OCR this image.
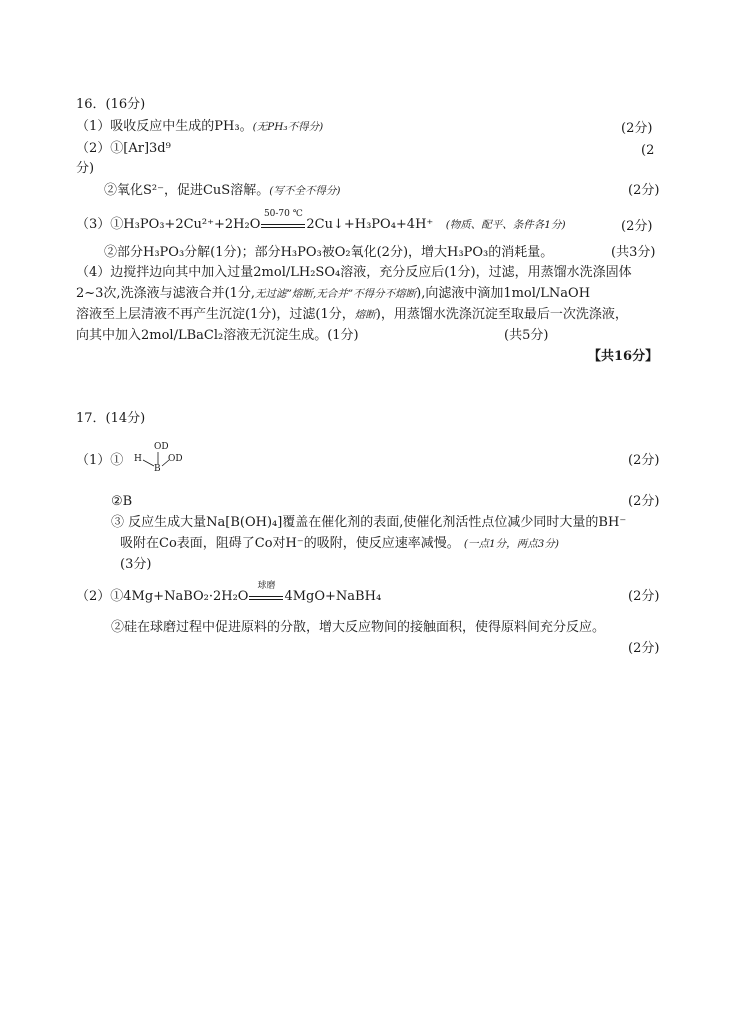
16．(16分)
（1）吸收反应中生成的PH₃。(无PH₃不得分)	(2分)
（2）①[Ar]3d⁹	(2
分)
②氧化S²⁻，促进CuS溶解。(写不全不得分)	(2分)
（3）①H₃PO₃+2Cu²⁺+2H₂O
50-70 ℃
2Cu↓+H₃PO₄+4H⁺ (物质、配平、条件各1分)	(2分)
②部分H₃PO₃分解(1分)；部分H₃PO₃被O₂氧化(2分)，增大H₃PO₃的消耗量。	(共3分)
（4）边搅拌边向其中加入过量2mol/LH₂SO₄溶液，充分反应后(1分)，过滤，用蒸馏水洗涤固体
2~3次,洗涤液与滤液合并(1分,无过滤”熔断,无合并”不得分不熔断),向滤液中滴加1mol/LNaOH
溶液至上层清液不再产生沉淀(1分)，过滤(1分，熔断)，用蒸馏水洗涤沉淀至取最后一次洗涤液，
向其中加入2mol/LBaCl₂溶液无沉淀生成。(1分)	(共5分)
【共16分】
17．(14分)
（1）① H
OD
OD
B
(2分)
②B	(2分)
③ 反应生成大量Na[B(OH)₄]覆盖在催化剂的表面,使催化剂活性点位减少同时大量的BH⁻
吸附在Co表面，阻碍了Co对H⁻的吸附，使反应速率减慢。 (一点1分，两点3分)
(3分)
（2）①4Mg+NaBO₂·2H₂O
球磨
4MgO+NaBH₄	(2分)
②硅在球磨过程中促进原料的分散，增大反应物间的接触面积，使得原料间充分反应。
(2分)
